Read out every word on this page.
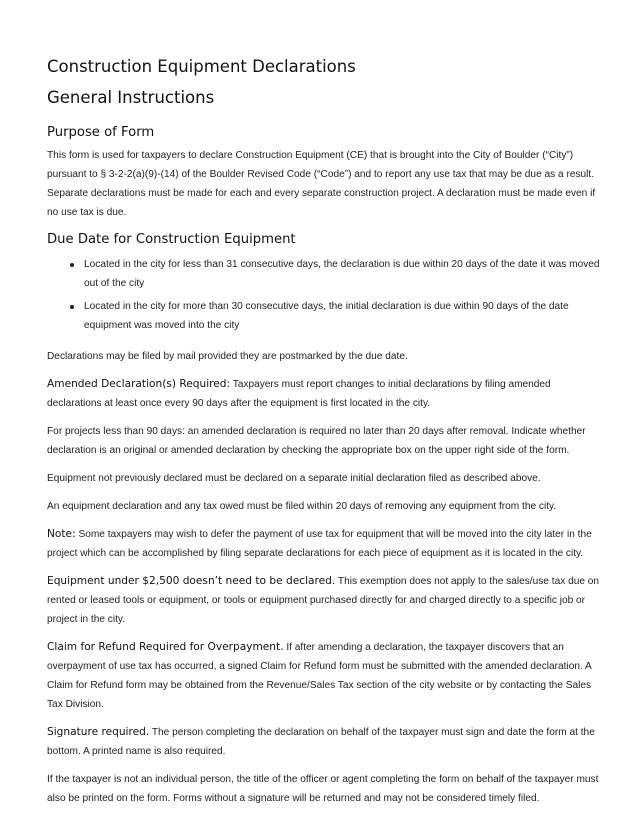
Construction Equipment Declarations
General Instructions
Purpose of Form

This form is used for taxpayers to declare Construction Equipment (CE) that is brought into the City of Boulder (“City”) pursuant to § 3-2-2(a)(9)-(14) of the Boulder Revised Code (“Code”) and to report any use tax that may be due as a result. Separate declarations must be made for each and every separate construction project. A declaration must be made even if no use tax is due.

Due Date for Construction Equipment
Located in the city for less than 31 consecutive days, the declaration is due within 20 days of the date it was moved out of the city
Located in the city for more than 30 consecutive days, the initial declaration is due within 90 days of the date equipment was moved into the city

Declarations may be filed by mail provided they are postmarked by the due date.

Amended Declaration(s) Required: Taxpayers must report changes to initial declarations by filing amended declarations at least once every 90 days after the equipment is first located in the city.

For projects less than 90 days: an amended declaration is required no later than 20 days after removal. Indicate whether declaration is an original or amended declaration by checking the appropriate box on the upper right side of the form.

Equipment not previously declared must be declared on a separate initial declaration filed as described above.

An equipment declaration and any tax owed must be filed within 20 days of removing any equipment from the city.

Note: Some taxpayers may wish to defer the payment of use tax for equipment that will be moved into the city later in the project which can be accomplished by filing separate declarations for each piece of equipment as it is located in the city.

Equipment under $2,500 doesn’t need to be declared. This exemption does not apply to the sales/use tax due on rented or leased tools or equipment, or tools or equipment purchased directly for and charged directly to a specific job or project in the city.

Claim for Refund Required for Overpayment. If after amending a declaration, the taxpayer discovers that an overpayment of use tax has occurred, a signed Claim for Refund form must be submitted with the amended declaration. A Claim for Refund form may be obtained from the Revenue/Sales Tax section of the city website or by contacting the Sales Tax Division.

Signature required. The person completing the declaration on behalf of the taxpayer must sign and date the form at the bottom. A printed name is also required.

If the taxpayer is not an individual person, the title of the officer or agent completing the form on behalf of the taxpayer must also be printed on the form. Forms without a signature will be returned and may not be considered timely filed.
